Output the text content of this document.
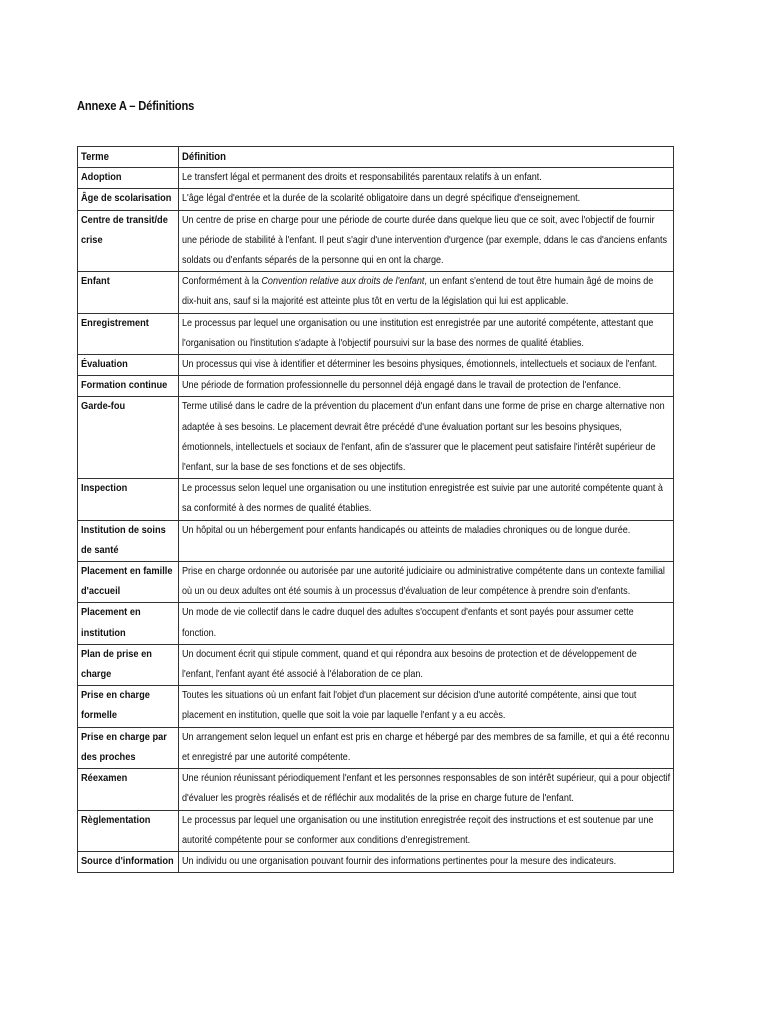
Annexe A – Définitions
Terme	Définition

Adoption	Le transfert légal et permanent des droits et responsabilités parentaux relatifs à un enfant.

Âge de scolarisation	L'âge légal d'entrée et la durée de la scolarité obligatoire dans un degré spécifique d'enseignement.

Centre de transit/de crise	Un centre de prise en charge pour une période de courte durée dans quelque lieu que ce soit, avec l'objectif de fournir une période de stabilité à l'enfant. Il peut s'agir d'une intervention d'urgence (par exemple, ddans le cas d'anciens enfants soldats ou d'enfants séparés de la personne qui en ont la charge.

Enfant	Conformément à la Convention relative aux droits de l'enfant, un enfant s'entend de tout être humain âgé de moins de dix-huit ans, sauf si la majorité est atteinte plus tôt en vertu de la législation qui lui est applicable.

Enregistrement	Le processus par lequel une organisation ou une institution est enregistrée par une autorité compétente, attestant que l'organisation ou l'institution s'adapte à l'objectif poursuivi sur la base des normes de qualité établies.

Évaluation	Un processus qui vise à identifier et déterminer les besoins physiques, émotionnels, intellectuels et sociaux de l'enfant.

Formation continue	Une période de formation professionnelle du personnel déjà engagé dans le travail de protection de l'enfance.

Garde-fou	Terme utilisé dans le cadre de la prévention du placement d'un enfant dans une forme de prise en charge alternative non adaptée à ses besoins. Le placement devrait être précédé d'une évaluation portant sur les besoins physiques, émotionnels, intellectuels et sociaux de l'enfant, afin de s'assurer que le placement peut satisfaire l'intérêt supérieur de l'enfant, sur la base de ses fonctions et de ses objectifs.

Inspection	Le processus selon lequel une organisation ou une institution enregistrée est suivie par une autorité compétente quant à sa conformité à des normes de qualité établies.

Institution de soins de santé	Un hôpital ou un hébergement pour enfants handicapés ou atteints de maladies chroniques ou de longue durée.

Placement en famille d'accueil	Prise en charge ordonnée ou autorisée par une autorité judiciaire ou administrative compétente dans un contexte familial où un ou deux adultes ont été soumis à un processus d'évaluation de leur compétence à prendre soin d'enfants.

Placement en institution	Un mode de vie collectif dans le cadre duquel des adultes s'occupent d'enfants et sont payés pour assumer cette fonction.

Plan de prise en charge	Un document écrit qui stipule comment, quand et qui répondra aux besoins de protection et de développement de l'enfant, l'enfant ayant été associé à l'élaboration de ce plan.

Prise en charge formelle	Toutes les situations où un enfant fait l'objet d'un placement sur décision d'une autorité compétente, ainsi que tout placement en institution, quelle que soit la voie par laquelle l'enfant y a eu accès.

Prise en charge par des proches	Un arrangement selon lequel un enfant est pris en charge et hébergé par des membres de sa famille, et qui a été reconnu et enregistré par une autorité compétente.

Réexamen	Une réunion réunissant périodiquement l'enfant et les personnes responsables de son intérêt supérieur, qui a pour objectif d'évaluer les progrès réalisés et de réfléchir aux modalités de la prise en charge future de l'enfant.

Règlementation	Le processus par lequel une organisation ou une institution enregistrée reçoit des instructions et est soutenue par une autorité compétente pour se conformer aux conditions d'enregistrement.

Source d'information	Un individu ou une organisation pouvant fournir des informations pertinentes pour la mesure des indicateurs.
